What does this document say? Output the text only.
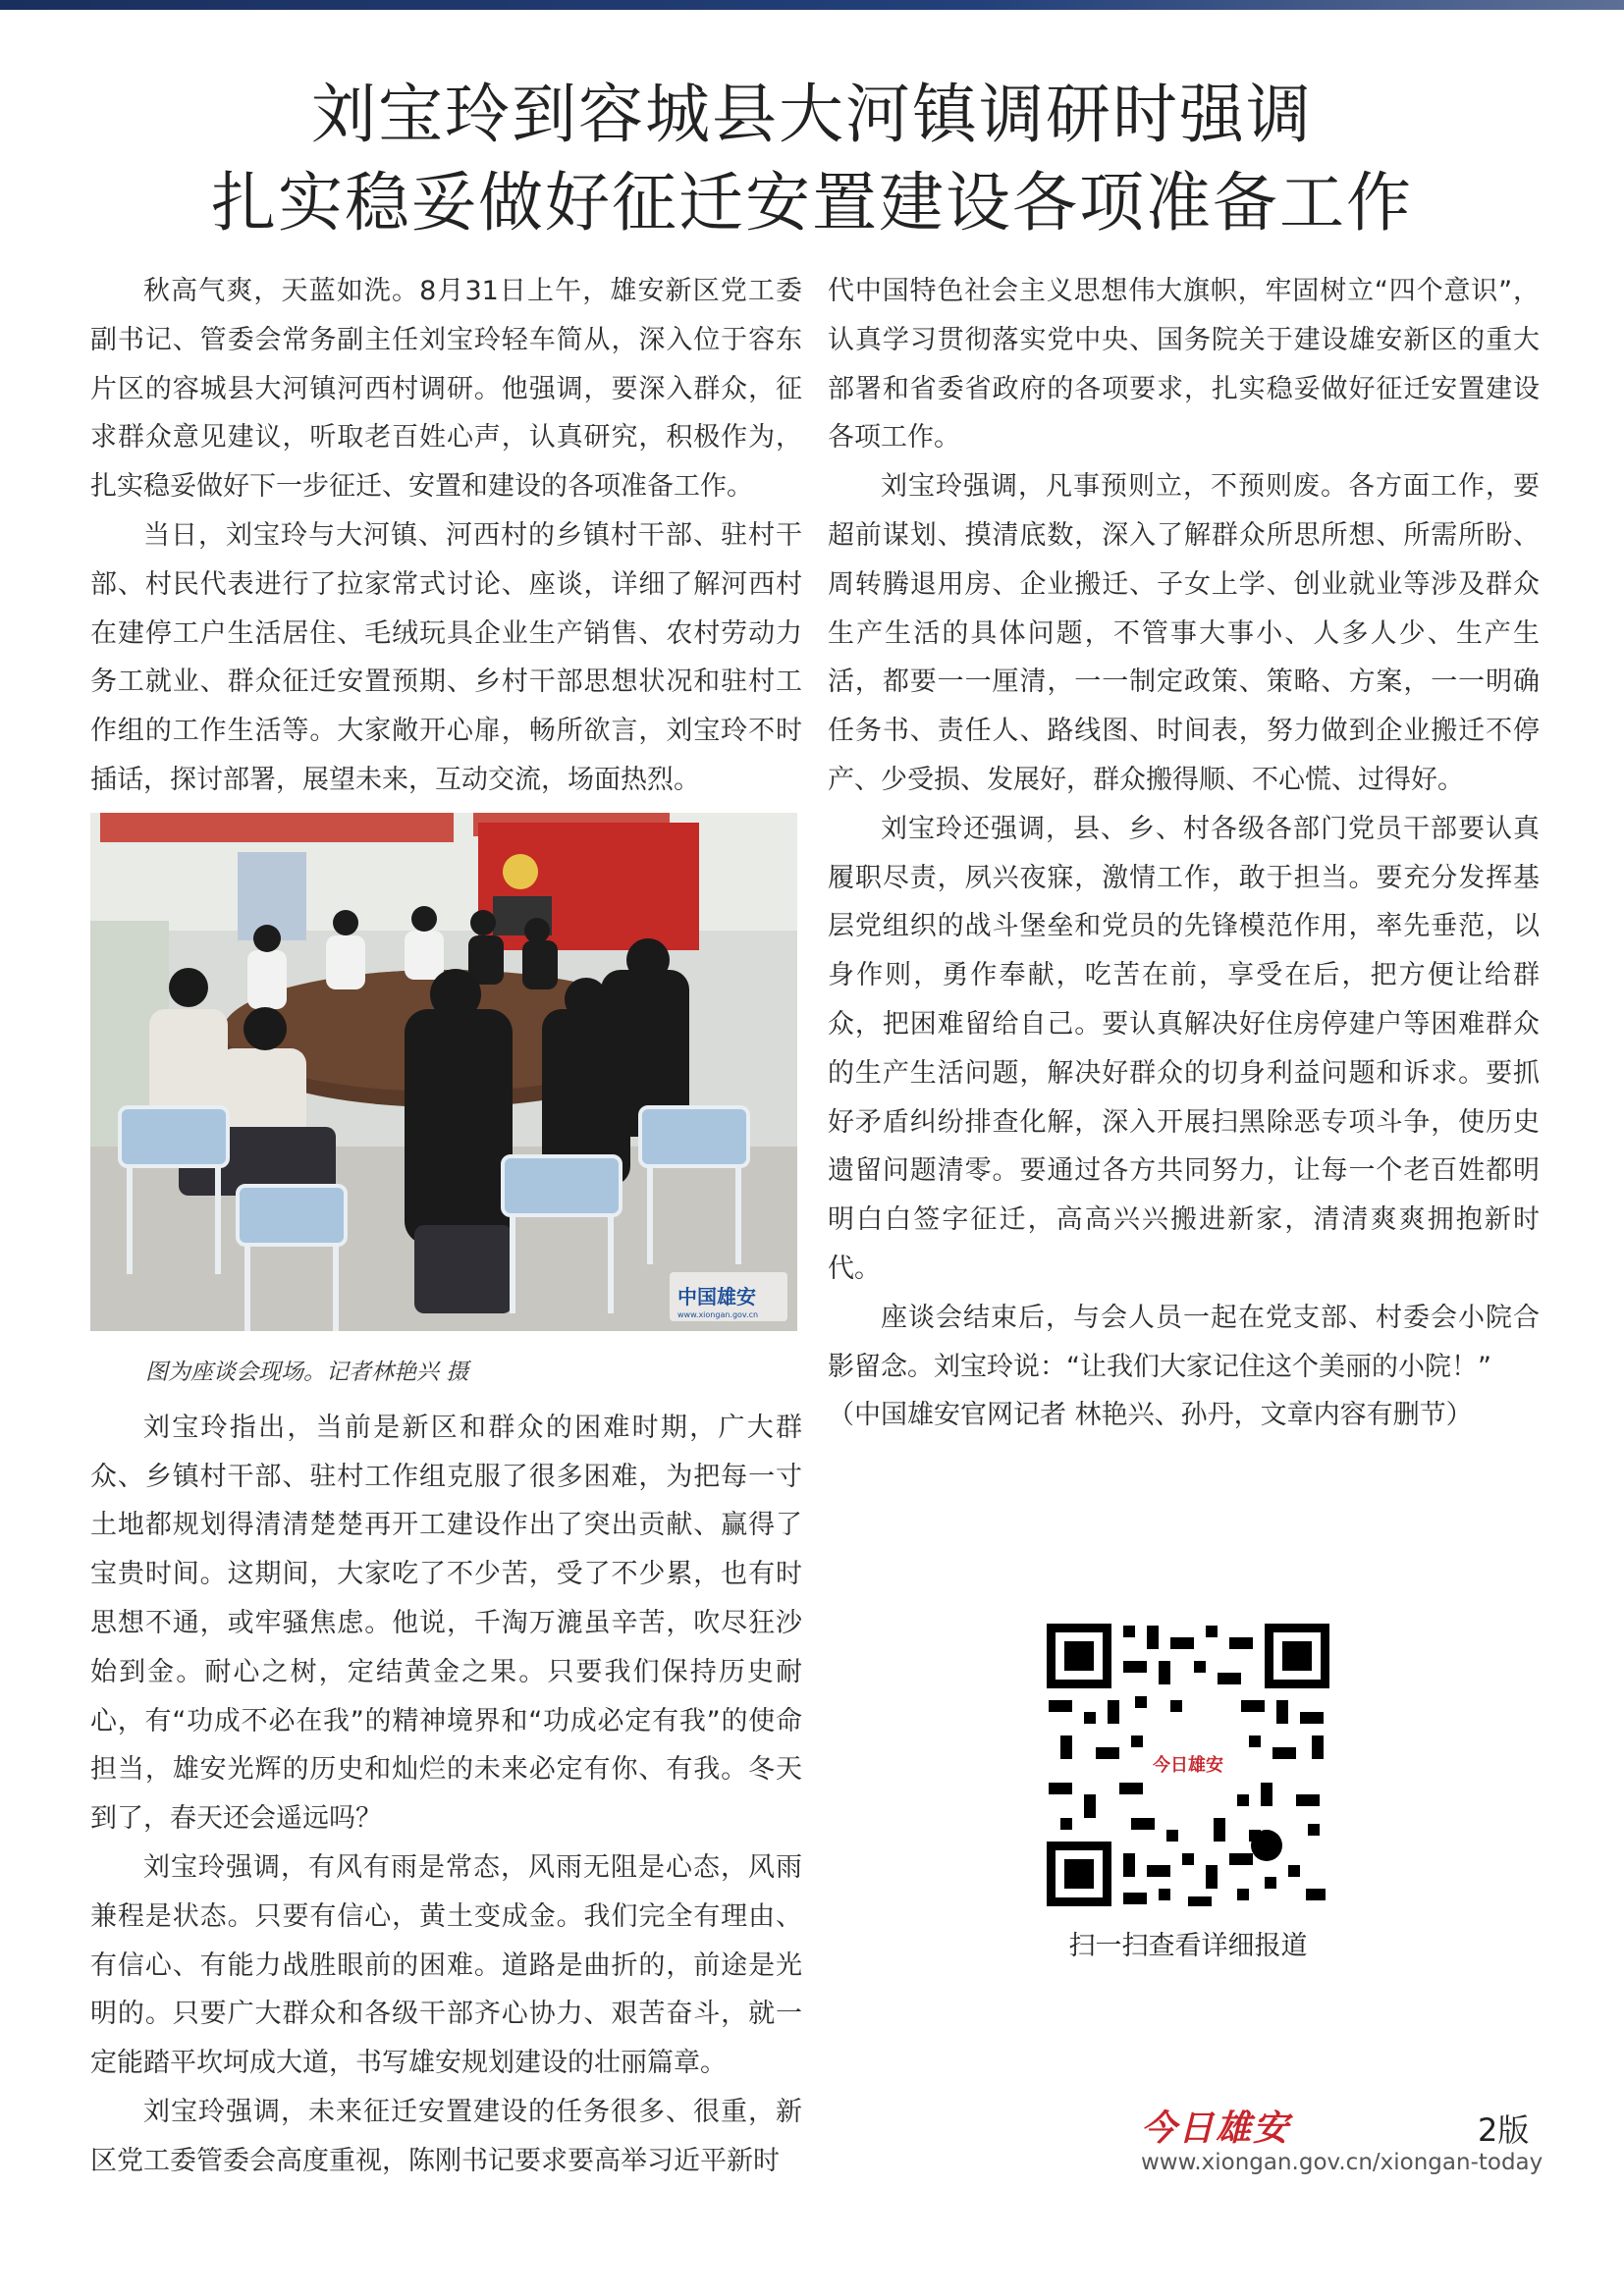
刘宝玲到容城县大河镇调研时强调
扎实稳妥做好征迁安置建设各项准备工作

秋高气爽，天蓝如洗。8月31日上午，雄安新区党工委副书记、管委会常务副主任刘宝玲轻车简从，深入位于容东片区的容城县大河镇河西村调研。他强调，要深入群众，征求群众意见建议，听取老百姓心声，认真研究，积极作为，扎实稳妥做好下一步征迁、安置和建设的各项准备工作。

当日，刘宝玲与大河镇、河西村的乡镇村干部、驻村干部、村民代表进行了拉家常式讨论、座谈，详细了解河西村在建停工户生活居住、毛绒玩具企业生产销售、农村劳动力务工就业、群众征迁安置预期、乡村干部思想状况和驻村工作组的工作生活等。大家敞开心扉，畅所欲言，刘宝玲不时插话，探讨部署，展望未来，互动交流，场面热烈。

中国雄安
www.xiongan.gov.cn
图为座谈会现场。记者林艳兴 摄

刘宝玲指出，当前是新区和群众的困难时期，广大群众、乡镇村干部、驻村工作组克服了很多困难，为把每一寸土地都规划得清清楚楚再开工建设作出了突出贡献、赢得了宝贵时间。这期间，大家吃了不少苦，受了不少累，也有时思想不通，或牢骚焦虑。他说，千淘万漉虽辛苦，吹尽狂沙始到金。耐心之树，定结黄金之果。只要我们保持历史耐心，有“功成不必在我”的精神境界和“功成必定有我”的使命担当，雄安光辉的历史和灿烂的未来必定有你、有我。冬天到了，春天还会遥远吗？

刘宝玲强调，有风有雨是常态，风雨无阻是心态，风雨兼程是状态。只要有信心，黄土变成金。我们完全有理由、有信心、有能力战胜眼前的困难。道路是曲折的，前途是光明的。只要广大群众和各级干部齐心协力、艰苦奋斗，就一定能踏平坎坷成大道，书写雄安规划建设的壮丽篇章。

刘宝玲强调，未来征迁安置建设的任务很多、很重，新区党工委管委会高度重视，陈刚书记要求要高举习近平新时

代中国特色社会主义思想伟大旗帜，牢固树立“四个意识”，认真学习贯彻落实党中央、国务院关于建设雄安新区的重大部署和省委省政府的各项要求，扎实稳妥做好征迁安置建设各项工作。

刘宝玲强调，凡事预则立，不预则废。各方面工作，要超前谋划、摸清底数，深入了解群众所思所想、所需所盼、周转腾退用房、企业搬迁、子女上学、创业就业等涉及群众生产生活的具体问题，不管事大事小、人多人少、生产生活，都要一一厘清，一一制定政策、策略、方案，一一明确任务书、责任人、路线图、时间表，努力做到企业搬迁不停产、少受损、发展好，群众搬得顺、不心慌、过得好。

刘宝玲还强调，县、乡、村各级各部门党员干部要认真履职尽责，夙兴夜寐，激情工作，敢于担当。要充分发挥基层党组织的战斗堡垒和党员的先锋模范作用，率先垂范，以身作则，勇作奉献，吃苦在前，享受在后，把方便让给群众，把困难留给自己。要认真解决好住房停建户等困难群众的生产生活问题，解决好群众的切身利益问题和诉求。要抓好矛盾纠纷排查化解，深入开展扫黑除恶专项斗争，使历史遗留问题清零。要通过各方共同努力，让每一个老百姓都明明白白签字征迁，高高兴兴搬进新家，清清爽爽拥抱新时代。

座谈会结束后，与会人员一起在党支部、村委会小院合影留念。刘宝玲说：“让我们大家记住这个美丽的小院！”

（中国雄安官网记者 林艳兴、孙丹，文章内容有删节）

今日雄安
扫一扫查看详细报道
今日雄安	2版
www.xiongan.gov.cn/xiongan-today
